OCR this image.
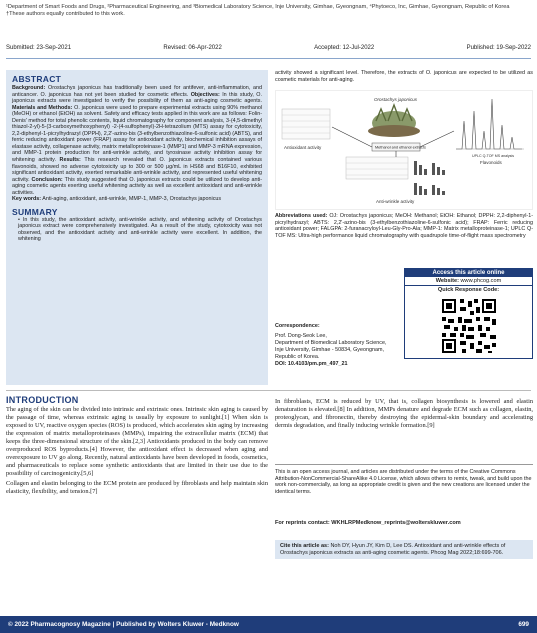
¹Department of Smart Foods and Drugs, ²Pharmaceutical Engineering, and ³Biomedical Laboratory Science, Inje University, Gimhae, Gyeongnam, ⁴Phytoeco, Inc, Gimhae, Gyeongnam, Republic of Korea
†These authors equally contributed to this work.
Submitted: 23-Sep-2021	Revised: 06-Apr-2022	Accepted: 12-Jul-2022	Published: 19-Sep-2022
ABSTRACT
Background: Orostachys japonicus has traditionally been used for antifever, anti-inflammation, and anticancer. O. japonicus has not yet been studied for cosmetic effects. Objectives: In this study, O. japonicus extracts were investigated to verify the possibility of them as anti-aging cosmetic agents. Materials and Methods: O. japonicus were used to prepare experimental extracts using 90% methanol (MeOH) or ethanol (EtOH) as solvent. Safety and efficacy tests applied in this work are as follows: Folin-Denis' method for total phenolic contents, liquid chromatography for component analysis, 3-(4,5-dimethyl thiazol-2-yl)-5-(3-carboxymethoxyphenyl) -2-(4-sulfophenyl)-2H-tetrazolium (MTS) assay for cytotoxicity, 2,2-diphenyl-1-picrylhydrazyl (DPPH), 2,2'-azino-bis (3-ethylbenzothiazoline-6-sulfonic acid) (ABTS), and ferric reducing antioxidant power (FRAP) assay for antioxidant activity, biochemical inhibition assays of elastase activity, collagenase activity, matrix metalloproteinase-1 (MMP1) and MMP-3 mRNA expression, and MMP-1 protein production for anti-wrinkle activity, and tyrosinase activity inhibition assay for whitening activity. Results: This research revealed that O. japonicus extracts contained various flavonoids, showed no adverse cytotoxicity up to 300 or 500 μg/mL in HS68 and B16F10, exhibited significant antioxidant activity, exerted remarkable anti-wrinkle activity, and represented useful whitening activity. Conclusion: This study suggested that O. japonicus extracts could be utilized to develop anti-aging cosmetic agents exerting useful whitening activity as well as excellent antioxidant and anti-wrinkle activities.
Key words: Anti-aging, antioxidant, anti-wrinkle, MMP-1, MMP-3, Orostachys japonicus
SUMMARY
• In this study, the antioxidant activity, anti-wrinkle activity, and whitening activity of Orostachys japonicus extract were comprehensively investigated. As a result of the study, cytotoxicity was not observed, and the antioxidant activity and anti-wrinkle activity were excellent. In addition, the whitening
activity showed a significant level. Therefore, the extracts of O. japonicus are expected to be utilized as cosmetic materials for anti-aging.
Antioxidant activity
Orostachys japonicus
Methanol and ethanol extracts
Anti-wrinkle activity
UPLC Q-TOF MS analysis
Flavonoids
Abbreviations used: OJ: Orostachys japonicus; MeOH: Methanol; EtOH: Ethanol; DPPH: 2,2-diphenyl-1-picrylhydrazyl; ABTS: 2,2'-azino-bis (3-ethylbenzothiazoline-6-sulfonic acid); FRAP: Ferric reducing antioxidant power; FALGPA: 2-furanacryloyl-Leu-Gly-Pro-Ala; MMP-1: Matrix metalloproteinase-1; UPLC Q-TOF MS: Ultra-high performance liquid chromatography with quadrupole time-of-flight mass spectrometry
Correspondence:
Prof. Dong-Seok Lee,
Department of Biomedical Laboratory Science,
Inje University, Gimhae - 50834, Gyeongnam,
Republic of Korea.
DOI: 10.4103/pm.pm_497_21
Access this article online
Website: www.phcog.com
Quick Response Code:
INTRODUCTION

The aging of the skin can be divided into intrinsic and extrinsic ones. Intrinsic skin aging is caused by the passage of time, whereas extrinsic aging is usually by exposure to sunlight.[1] When skin is exposed to UV, reactive oxygen species (ROS) is produced, which accelerates skin aging by increasing the expression of matrix metalloproteinases (MMPs), impairing the extracellular matrix (ECM) that keeps the three-dimensional structure of the skin.[2,3] Antioxidants produced in the body can remove overproduced ROS byproducts.[4] However, the antioxidant effect is decreased when aging and overexposure to UV go along. Recently, natural antioxidants have been developed in foods, cosmetics, and pharmaceuticals to replace some synthetic antioxidants that are limited in their use due to the possibility of carcinogenicity.[5,6]

Collagen and elastin belonging to the ECM protein are produced by fibroblasts and help maintain skin elasticity, flexibility, and tension.[7]

In fibroblasts, ECM is reduced by UV, that is, collagen biosynthesis is lowered and elastin denaturation is elevated.[8] In addition, MMPs denature and degrade ECM such as collagen, elastin, proteoglycan, and fibronectin, thereby destroying the epidermal-skin boundary and accelerating dermis degradation, and finally inducing wrinkle formation.[9]

This is an open access journal, and articles are distributed under the terms of the Creative Commons Attribution-NonCommercial-ShareAlike 4.0 License, which allows others to remix, tweak, and build upon the work non-commercially, as long as appropriate credit is given and the new creations are licensed under the identical terms.
For reprints contact: WKHLRPMedknow_reprints@wolterskluwer.com
Cite this article as: Noh DY, Hyun JY, Kim D, Lee DS. Antioxidant and anti-wrinkle effects of Orostachys japonicus extracts as anti-aging cosmetic agents. Phcog Mag 2022;18:699-706.
© 2022 Pharmacognosy Magazine | Published by Wolters Kluwer - Medknow	699
